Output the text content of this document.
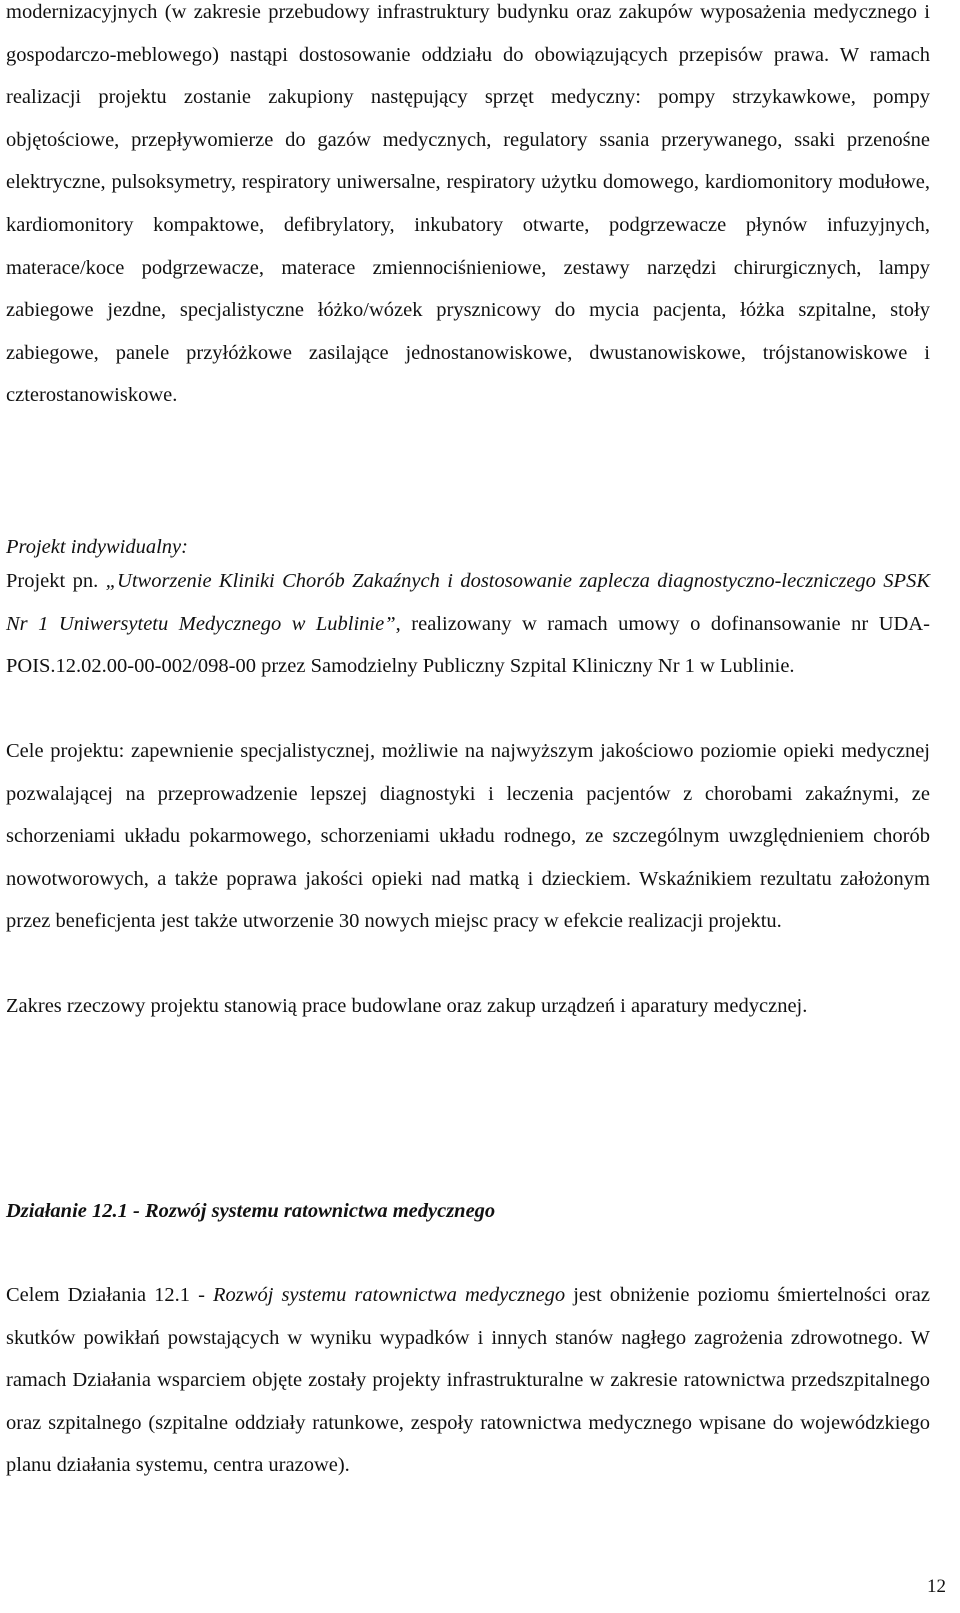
modernizacyjnych (w zakresie przebudowy infrastruktury budynku oraz zakupów wyposażenia medycznego i gospodarczo-meblowego) nastąpi dostosowanie oddziału do obowiązujących przepisów prawa. W ramach realizacji projektu zostanie zakupiony następujący sprzęt medyczny: pompy strzykawkowe, pompy objętościowe, przepływomierze do gazów medycznych, regulatory ssania przerywanego, ssaki przenośne elektryczne, pulsoksymetry, respiratory uniwersalne, respiratory użytku domowego, kardiomonitory modułowe, kardiomonitory kompaktowe, defibrylatory, inkubatory otwarte, podgrzewacze płynów infuzyjnych, materace/koce podgrzewacze, materace zmiennociśnieniowe, zestawy narzędzi chirurgicznych, lampy zabiegowe jezdne, specjalistyczne łóżko/wózek prysznicowy do mycia pacjenta, łóżka szpitalne, stoły zabiegowe, panele przyłóżkowe zasilające jednostanowiskowe, dwustanowiskowe, trójstanowiskowe i czterostanowiskowe.

Projekt indywidualny:

Projekt pn. „Utworzenie Kliniki Chorób Zakaźnych i dostosowanie zaplecza diagnostyczno-leczniczego SPSK Nr 1 Uniwersytetu Medycznego w Lublinie”, realizowany w ramach umowy o dofinansowanie nr UDA-POIS.12.02.00-00-002/098-00 przez Samodzielny Publiczny Szpital Kliniczny Nr 1 w Lublinie.

Cele projektu: zapewnienie specjalistycznej, możliwie na najwyższym jakościowo poziomie opieki medycznej pozwalającej na przeprowadzenie lepszej diagnostyki i leczenia pacjentów z chorobami zakaźnymi, ze schorzeniami układu pokarmowego, schorzeniami układu rodnego, ze szczególnym uwzględnieniem chorób nowotworowych, a także poprawa jakości opieki nad matką i dzieckiem. Wskaźnikiem rezultatu założonym przez beneficjenta jest także utworzenie 30 nowych miejsc pracy w efekcie realizacji projektu.

Zakres rzeczowy projektu stanowią prace budowlane oraz zakup urządzeń i aparatury medycznej.

Działanie 12.1 - Rozwój systemu ratownictwa medycznego

Celem Działania 12.1 - Rozwój systemu ratownictwa medycznego jest obniżenie poziomu śmiertelności oraz skutków powikłań powstających w wyniku wypadków i innych stanów nagłego zagrożenia zdrowotnego. W ramach Działania wsparciem objęte zostały projekty infrastrukturalne w zakresie ratownictwa przedszpitalnego oraz szpitalnego (szpitalne oddziały ratunkowe, zespoły ratownictwa medycznego wpisane do wojewódzkiego planu działania systemu, centra urazowe).

12
